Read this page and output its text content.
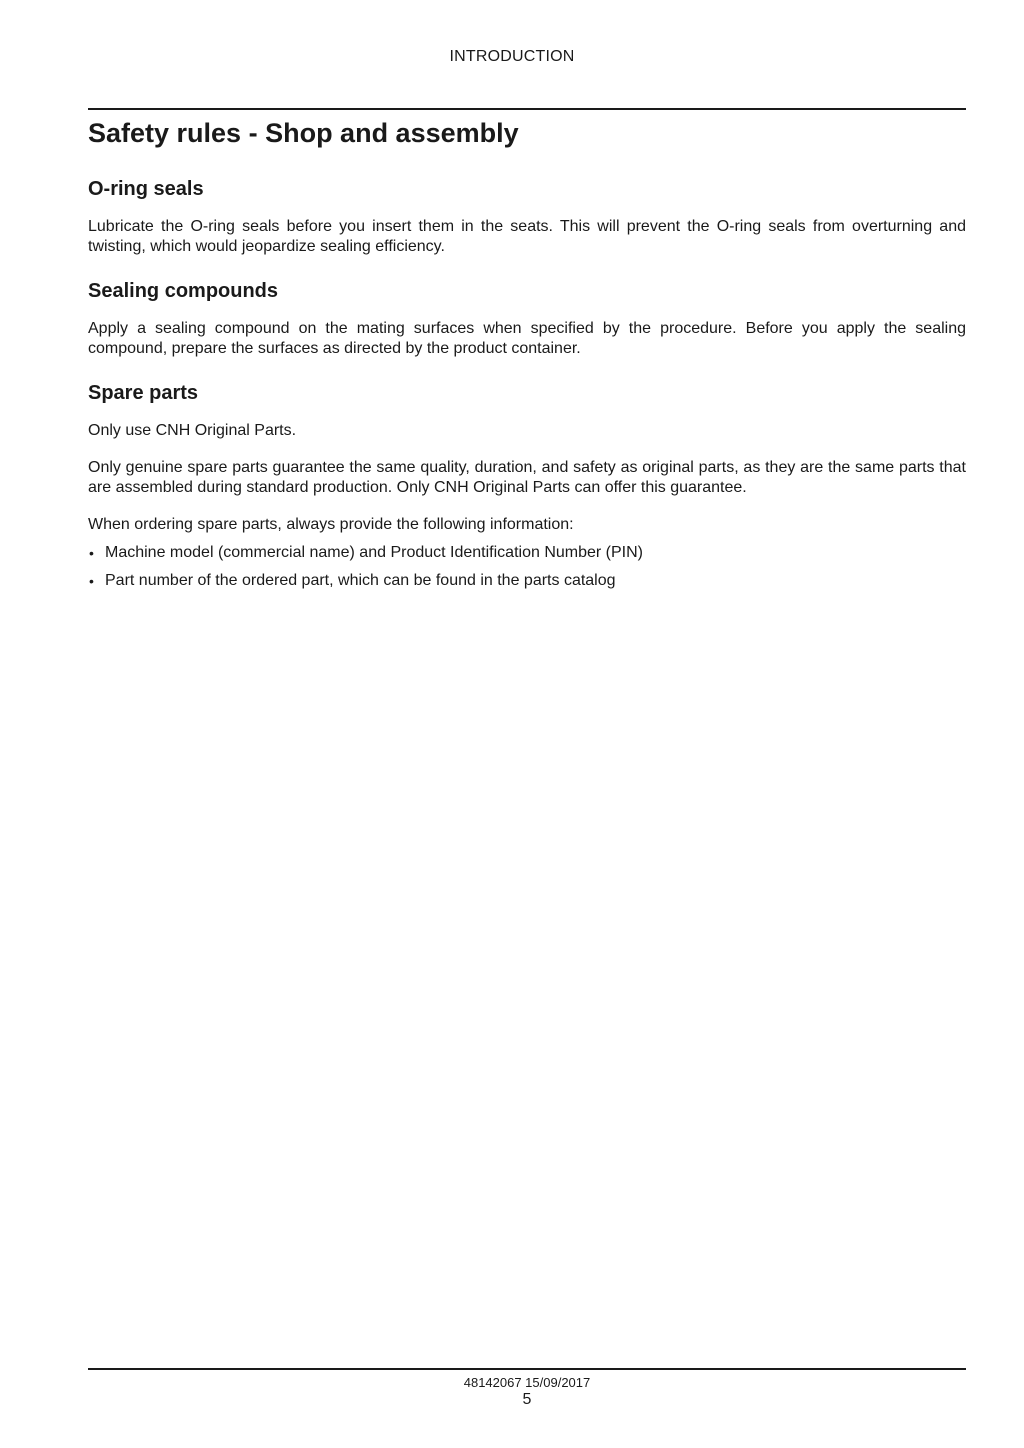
INTRODUCTION
Safety rules - Shop and assembly
O-ring seals

Lubricate the O-ring seals before you insert them in the seats. This will prevent the O-ring seals from overturning and twisting, which would jeopardize sealing efficiency.

Sealing compounds

Apply a sealing compound on the mating surfaces when specified by the procedure. Before you apply the sealing compound, prepare the surfaces as directed by the product container.

Spare parts

Only use CNH Original Parts.

Only genuine spare parts guarantee the same quality, duration, and safety as original parts, as they are the same parts that are assembled during standard production. Only CNH Original Parts can offer this guarantee.

When ordering spare parts, always provide the following information:

• Machine model (commercial name) and Product Identification Number (PIN)
• Part number of the ordered part, which can be found in the parts catalog
48142067 15/09/2017
5
